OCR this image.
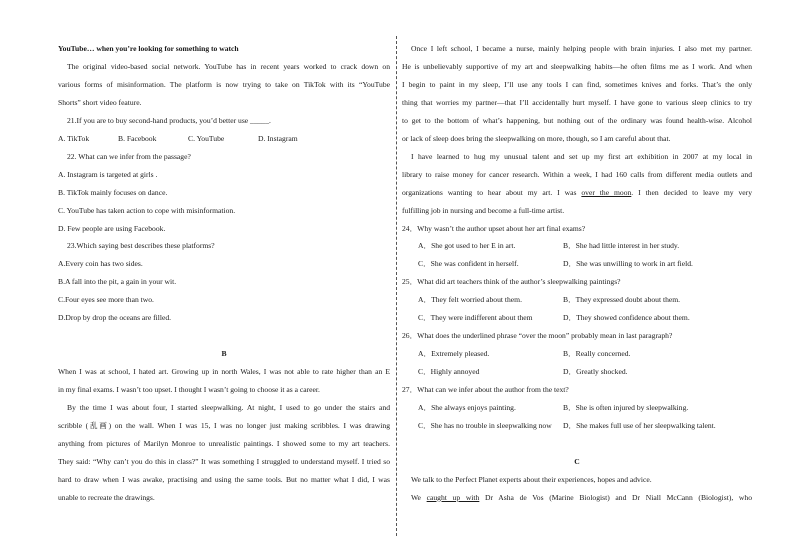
YouTube… when you’re looking for something to watch

The original video-based social network. YouTube has in recent years worked to crack down on

various forms of misinformation. The platform is now trying to take on TikTok with its “YouTube

Shorts” short video feature.

21.If you are to buy second-hand products, you’d better use _____.

A. TikTok	B. Facebook	C. YouTube	D. Instagram

22. What can we infer from the passage?

A. Instagram is targeted at girls .

B. TikTok mainly focuses on dance.

C. YouTube has taken action to cope with misinformation.

D. Few people are using Facebook.

23.Which saying best describes these platforms?

A.Every coin has two sides.

B.A fall into the pit, a gain in your wit.

C.Four eyes see more than two.

D.Drop by drop the oceans are filled.

B

When I was at school, I hated art. Growing up in north Wales, I was not able to rate higher than an E

in my final exams. I wasn’t too upset. I thought I wasn’t going to choose it as a career.

By the time I was about four, I started sleepwalking. At night, I used to go under the stairs and

scribble (乱画) on the wall. When I was 15, I was no longer just making scribbles. I was drawing

anything from pictures of Marilyn Monroe to unrealistic paintings. I showed some to my art teachers.

They said: “Why can’t you do this in class?” It was something I struggled to understand myself. I tried so

hard to draw when I was awake, practising and using the same tools. But no matter what I did, I was

unable to recreate the drawings.

Once I left school, I became a nurse, mainly helping people with brain injuries. I also met my partner.

He is unbelievably supportive of my art and sleepwalking habits—he often films me as I work. And when

I begin to paint in my sleep, I’ll use any tools I can find, sometimes knives and forks. That’s the only

thing that worries my partner—that I’ll accidentally hurt myself. I have gone to various sleep clinics to try

to get to the bottom of what’s happening, but nothing out of the ordinary was found health-wise. Alcohol

or lack of sleep does bring the sleepwalking on more, though, so I am careful about that.

I have learned to hug my unusual talent and set up my first art exhibition in 2007 at my local in

library to raise money for cancer research. Within a week, I had 160 calls from different media outlets and

organizations wanting to hear about my art. I was over the moon. I then decided to leave my very

fulfilling job in nursing and become a full-time artist.

24．Why wasn’t the author upset about her art final exams?

A．She got used to her E in art.	B．She had little interest in her study.
C．She was confident in herself.	D．She was unwilling to work in art field.

25．What did art teachers think of the author’s sleepwalking paintings?

A．They felt worried about them.	B．They expressed doubt about them.
C．They were indifferent about them	D．They showed confidence about them.

26．What does the underlined phrase “over the moon” probably mean in last paragraph?

A．Extremely pleased.	B．Really concerned.
C．Highly annoyed	D．Greatly shocked.

27．What can we infer about the author from the text?

A．She always enjoys painting.	B．She is often injured by sleepwalking.
C．She has no trouble in sleepwalking now	D．She makes full use of her sleepwalking talent.

C

We talk to the Perfect Planet experts about their experiences, hopes and advice.

We caught up with Dr Asha de Vos (Marine Biologist) and Dr Niall McCann (Biologist), who
